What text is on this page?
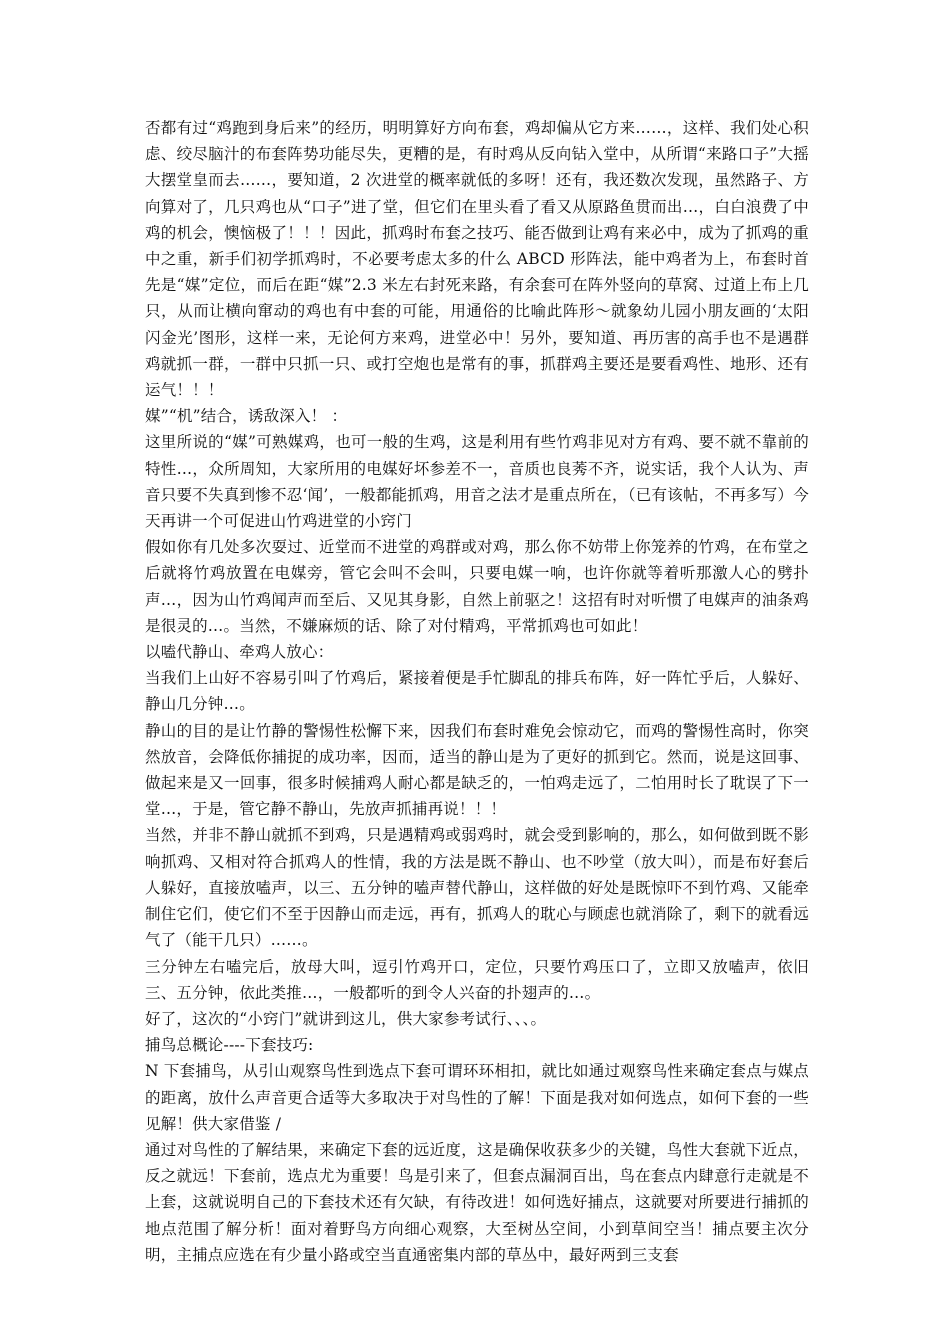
否都有过“鸡跑到身后来”的经历，明明算好方向布套，鸡却偏从它方来……，这样、我们处心积虑、绞尽脑汁的布套阵势功能尽失，更糟的是，有时鸡从反向钻入堂中，从所谓“来路口子”大摇大摆堂皇而去……，要知道，2 次进堂的概率就低的多呀！还有，我还数次发现，虽然路子、方向算对了，几只鸡也从“口子”进了堂，但它们在里头看了看又从原路鱼贯而出…，白白浪费了中鸡的机会，懊恼极了！！！因此，抓鸡时布套之技巧、能否做到让鸡有来必中，成为了抓鸡的重中之重，新手们初学抓鸡时，不必要考虑太多的什么 ABCD 形阵法，能中鸡者为上，布套时首先是“媒”定位，而后在距“媒”2.3 米左右封死来路，有余套可在阵外竖向的草窝、过道上布上几只，从而让横向窜动的鸡也有中套的可能，用通俗的比喻此阵形～就象幼儿园小朋友画的‘太阳闪金光’图形，这样一来，无论何方来鸡，进堂必中！另外，要知道、再历害的高手也不是遇群鸡就抓一群，一群中只抓一只、或打空炮也是常有的事，抓群鸡主要还是要看鸡性、地形、还有运气！！！

媒”“机”结合，诱敌深入！ ：

这里所说的“媒”可熟媒鸡，也可一般的生鸡，这是利用有些竹鸡非见对方有鸡、要不就不靠前的特性…，众所周知，大家所用的电媒好坏参差不一，音质也良莠不齐，说实话，我个人认为、声音只要不失真到惨不忍‘闻’，一般都能抓鸡，用音之法才是重点所在，（已有该帖，不再多写）今天再讲一个可促进山竹鸡进堂的小窍门

假如你有几处多次耍过、近堂而不进堂的鸡群或对鸡，那么你不妨带上你笼养的竹鸡，在布堂之后就将竹鸡放置在电媒旁，管它会叫不会叫，只要电媒一响，也许你就等着听那激人心的劈扑声…，因为山竹鸡闻声而至后、又见其身影，自然上前驱之！这招有时对听惯了电媒声的油条鸡是很灵的…。当然，不嫌麻烦的话、除了对付精鸡，平常抓鸡也可如此！

以嗑代静山、牵鸡人放心：

当我们上山好不容易引叫了竹鸡后，紧接着便是手忙脚乱的排兵布阵，好一阵忙乎后，人躲好、静山几分钟…。

静山的目的是让竹静的警惕性松懈下来，因我们布套时难免会惊动它，而鸡的警惕性高时，你突然放音，会降低你捕捉的成功率，因而，适当的静山是为了更好的抓到它。然而，说是这回事、做起来是又一回事，很多时候捕鸡人耐心都是缺乏的，一怕鸡走远了，二怕用时长了耽误了下一堂…，于是，管它静不静山，先放声抓捕再说！！！

当然，并非不静山就抓不到鸡，只是遇精鸡或弱鸡时，就会受到影响的，那么，如何做到既不影响抓鸡、又相对符合抓鸡人的性情，我的方法是既不静山、也不吵堂（放大叫），而是布好套后人躲好，直接放嗑声，以三、五分钟的嗑声替代静山，这样做的好处是既惊吓不到竹鸡、又能牵制住它们，使它们不至于因静山而走远，再有，抓鸡人的耽心与顾虑也就消除了，剩下的就看远气了（能干几只）……。

三分钟左右嗑完后，放母大叫，逗引竹鸡开口，定位，只要竹鸡压口了，立即又放嗑声，依旧三、五分钟，依此类推…，一般都听的到令人兴奋的扑翅声的…。

好了，这次的“小窍门”就讲到这儿，供大家参考试行、、、。

捕鸟总概论----下套技巧:

N 下套捕鸟，从引山观察鸟性到选点下套可谓环环相扣，就比如通过观察鸟性来确定套点与媒点的距离，放什么声音更合适等大多取决于对鸟性的了解！下面是我对如何选点，如何下套的一些见解！供大家借鉴 /

通过对鸟性的了解结果，来确定下套的远近度，这是确保收获多少的关键，鸟性大套就下近点，反之就远！下套前，选点尤为重要！鸟是引来了，但套点漏洞百出，鸟在套点内肆意行走就是不上套，这就说明自己的下套技术还有欠缺，有待改进！如何选好捕点，这就要对所要进行捕抓的地点范围了解分析！面对着野鸟方向细心观察，大至树丛空间，小到草间空当！捕点要主次分明，主捕点应选在有少量小路或空当直通密集内部的草丛中，最好两到三支套
